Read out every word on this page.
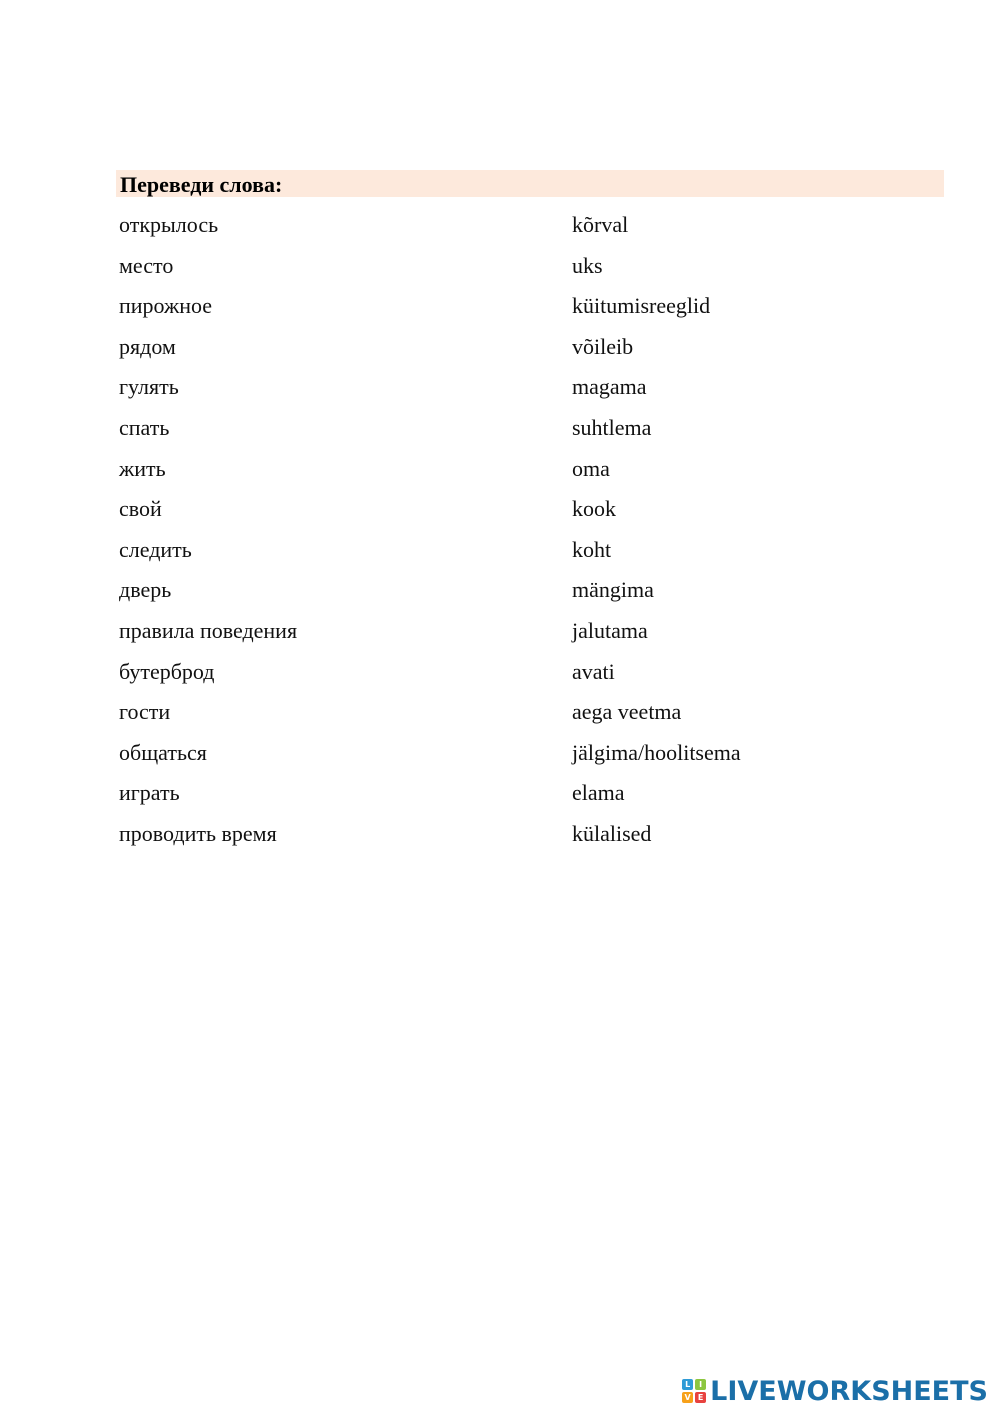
Переведи слова:
открылось	kõrval
место	uks
пирожное	küitumisreeglid
рядом	võileib
гулять	magama
спать	suhtlema
жить	oma
свой	kook
следить	koht
дверь	mängima
правила поведения	jalutama
бутерброд	avati
гости	aega veetma
общаться	jälgima/hoolitsema
играть	elama
проводить время	külalised
L	I
V E LIVEWORKSHEETS
